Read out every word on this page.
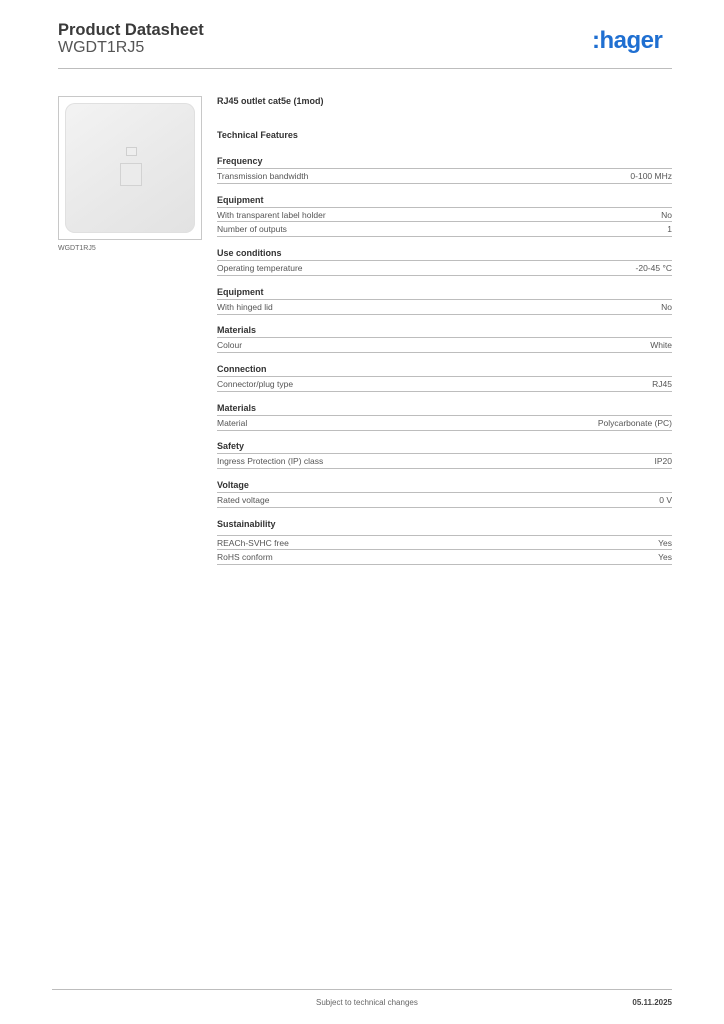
Product Datasheet
WGDT1RJ5	:hager
WGDT1RJ5
RJ45 outlet cat5e (1mod)
Technical Features
Frequency
Transmission bandwidth	0-100 MHz
Equipment
With transparent label holder	No
Number of outputs	1
Use conditions
Operating temperature	-20-45 °C
Equipment
With hinged lid	No
Materials
Colour	White
Connection
Connector/plug type	RJ45
Materials
Material	Polycarbonate (PC)
Safety
Ingress Protection (IP) class	IP20
Voltage
Rated voltage	0 V
Sustainability
REACh-SVHC free	Yes
RoHS conform	Yes
Subject to technical changes	05.11.2025
